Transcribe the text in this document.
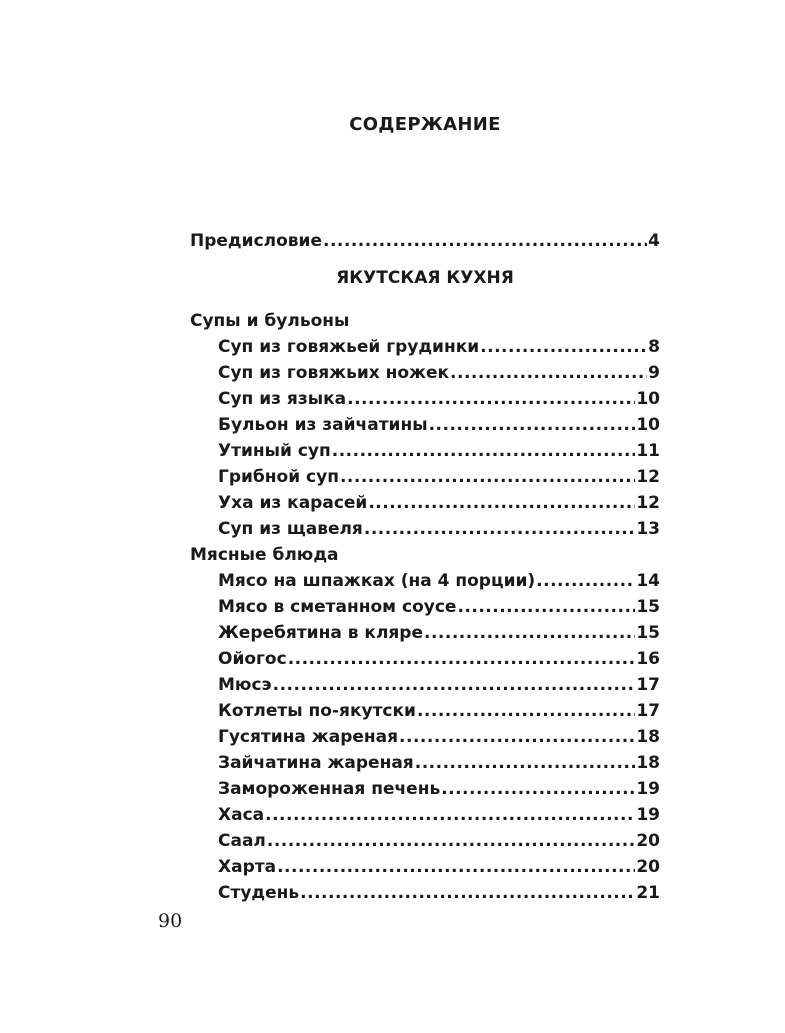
СОДЕРЖАНИЕ
Предисловие .....	4
ЯКУТСКАЯ КУХНЯ
Супы и бульоны
Суп из говяжьей грудинки .....	8
Суп из говяжьих ножек .....	9
Суп из языка .....	10
Бульон из зайчатины .....	10
Утиный суп .....	11
Грибной суп .....	12
Уха из карасей .....	12
Суп из щавеля .....	13
Мясные блюда
Мясо на шпажках (на 4 порции) .....	14
Мясо в сметанном соусе .....	15
Жеребятина в кляре .....	15
Ойогос .....	16
Мюсэ .....	17
Котлеты по-якутски .....	17
Гусятина жареная .....	18
Зайчатина жареная .....	18
Замороженная печень .....	19
Хаса .....	19
Саал .....	20
Харта .....	20
Студень .....	21
90
